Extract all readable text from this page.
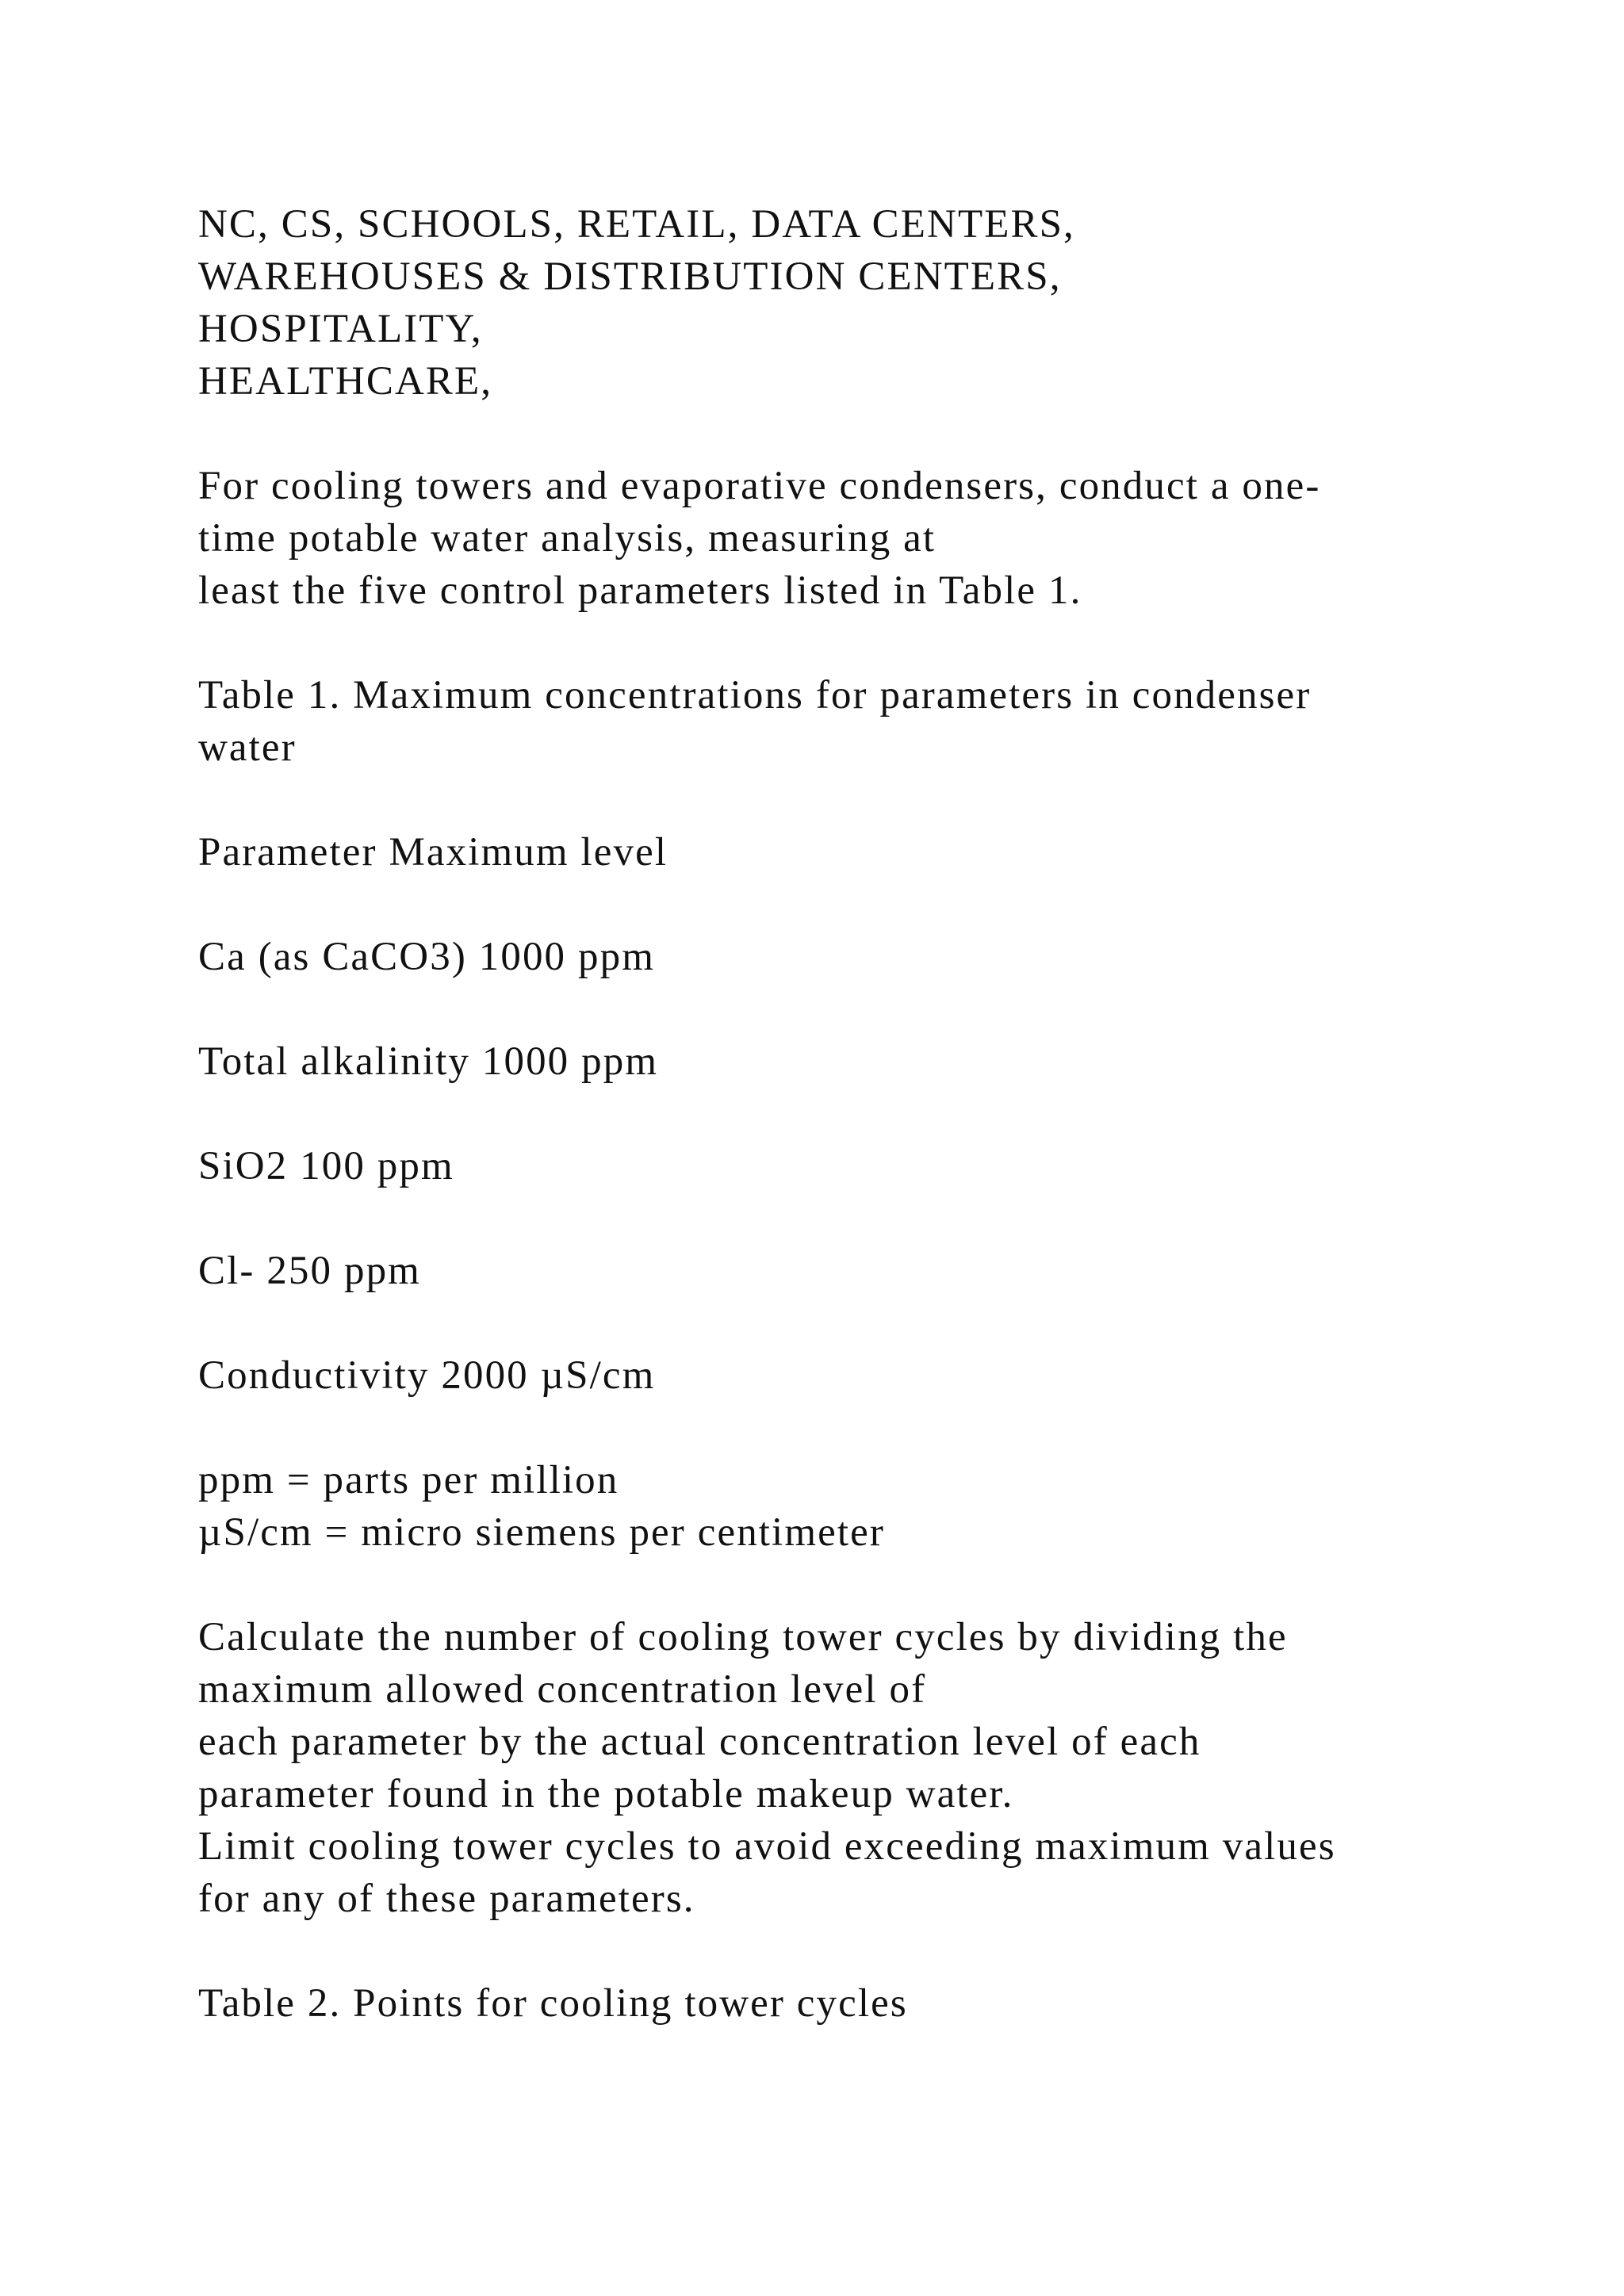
NC, CS, SCHOOLS, RETAIL, DATA CENTERS,

WAREHOUSES & DISTRIBUTION CENTERS,

HOSPITALITY,

HEALTHCARE,

For cooling towers and evaporative condensers, conduct a one-

time potable water analysis, measuring at

least the five control parameters listed in Table 1.

Table 1. Maximum concentrations for parameters in condenser

water

Parameter Maximum level

Ca (as CaCO3) 1000 ppm

Total alkalinity 1000 ppm

SiO2 100 ppm

Cl- 250 ppm

Conductivity 2000 µS/cm

ppm = parts per million

µS/cm = micro siemens per centimeter

Calculate the number of cooling tower cycles by dividing the

maximum allowed concentration level of

each parameter by the actual concentration level of each

parameter found in the potable makeup water.

Limit cooling tower cycles to avoid exceeding maximum values

for any of these parameters.

Table 2. Points for cooling tower cycles
